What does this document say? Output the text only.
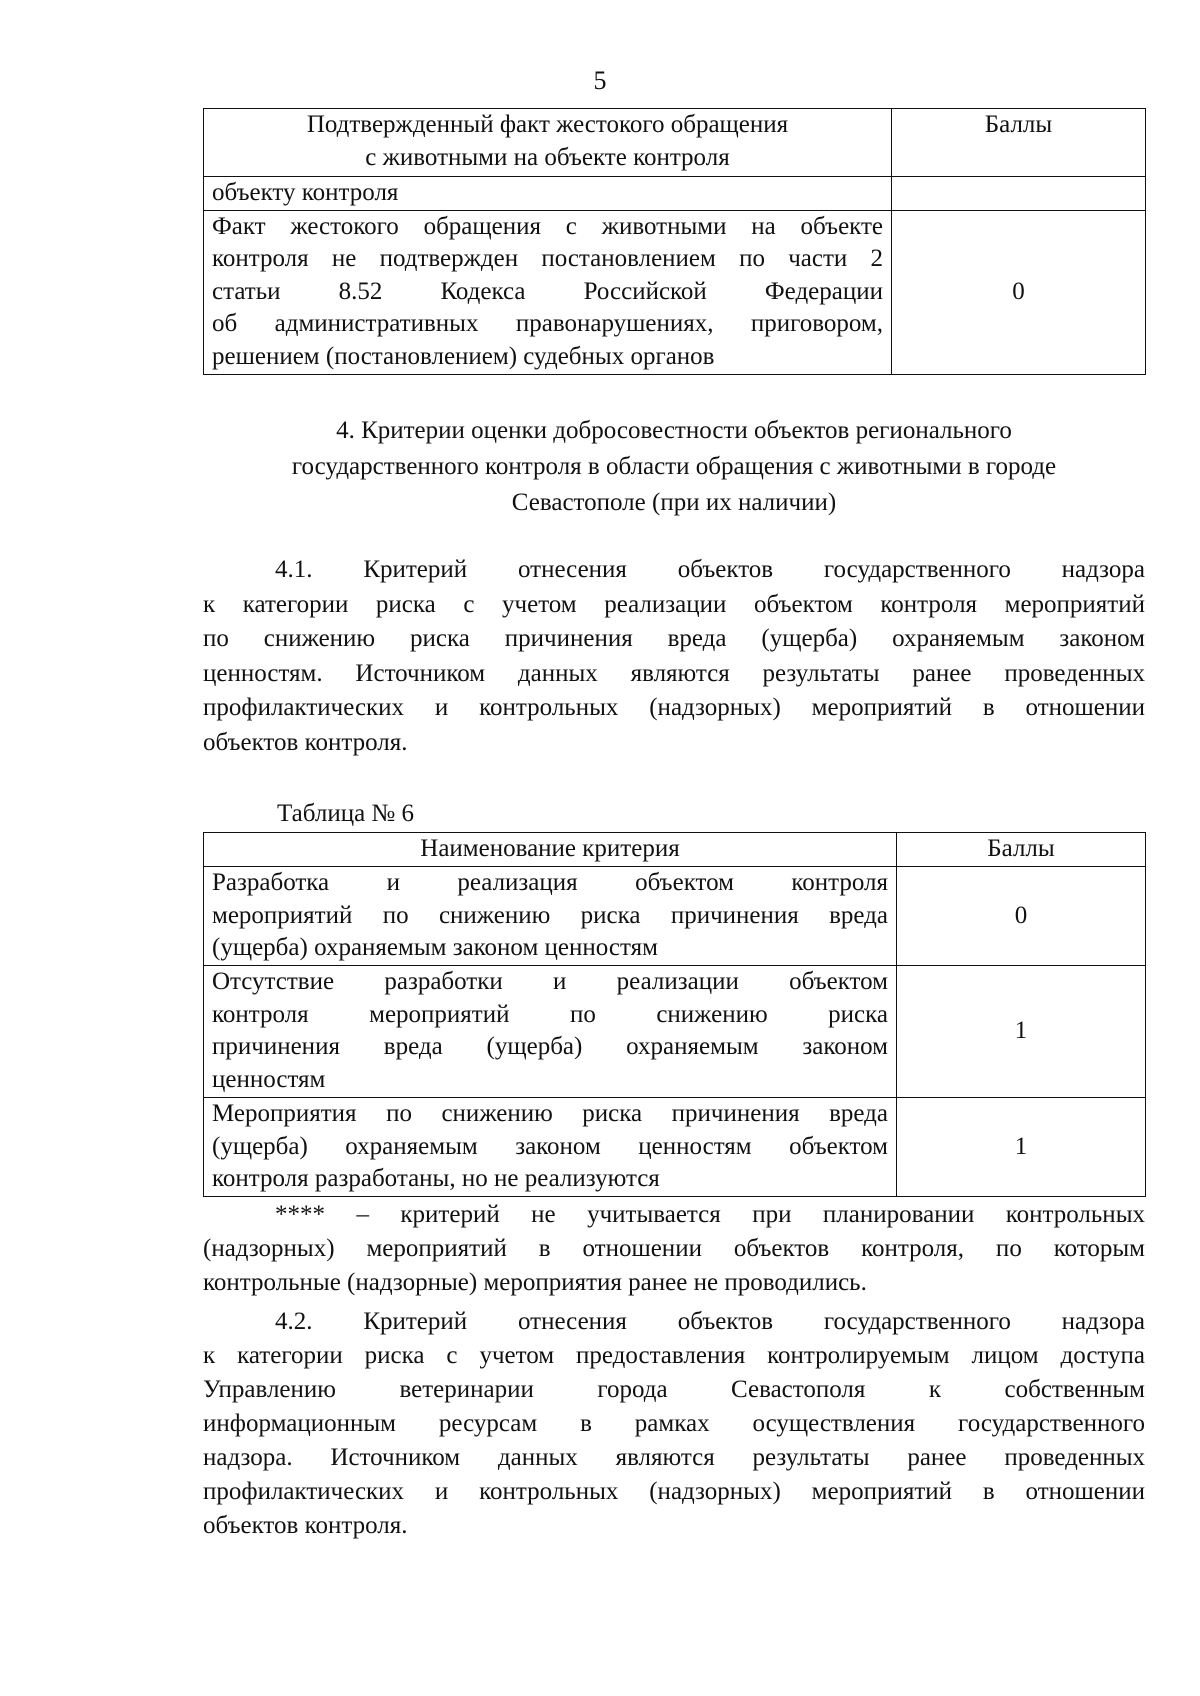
5
Подтвержденный факт жестокого обращения
с животными на объекте контроля	Баллы
объекту контроля	

Факт жестокого обращения с животными на объекте
контроля не подтвержден постановлением по части 2
статьи 8.52 Кодекса Российской Федерации
об административных правонарушениях, приговором,
решением (постановлением) судебных органов	0
4. Критерии оценки добросовестности объектов регионального
государственного контроля в области обращения с животными в городе
Севастополе (при их наличии)
4.1. Критерий отнесения объектов государственного надзора
к категории риска с учетом реализации объектом контроля мероприятий
по снижению риска причинения вреда (ущерба) охраняемым законом
ценностям. Источником данных являются результаты ранее проведенных
профилактических и контрольных (надзорных) мероприятий в отношении
объектов контроля.
Таблица № 6
Наименование критерия	Баллы

Разработка и реализация объектом контроля
мероприятий по снижению риска причинения вреда
(ущерба) охраняемым законом ценностям	0

Отсутствие разработки и реализации объектом
контроля мероприятий по снижению риска
причинения вреда (ущерба) охраняемым законом
ценностям	1

Мероприятия по снижению риска причинения вреда
(ущерба) охраняемым законом ценностям объектом
контроля разработаны, но не реализуются	1
**** – критерий не учитывается при планировании контрольных
(надзорных) мероприятий в отношении объектов контроля, по которым
контрольные (надзорные) мероприятия ранее не проводились.
4.2. Критерий отнесения объектов государственного надзора
к категории риска с учетом предоставления контролируемым лицом доступа
Управлению ветеринарии города Севастополя к собственным
информационным ресурсам в рамках осуществления государственного
надзора. Источником данных являются результаты ранее проведенных
профилактических и контрольных (надзорных) мероприятий в отношении
объектов контроля.
